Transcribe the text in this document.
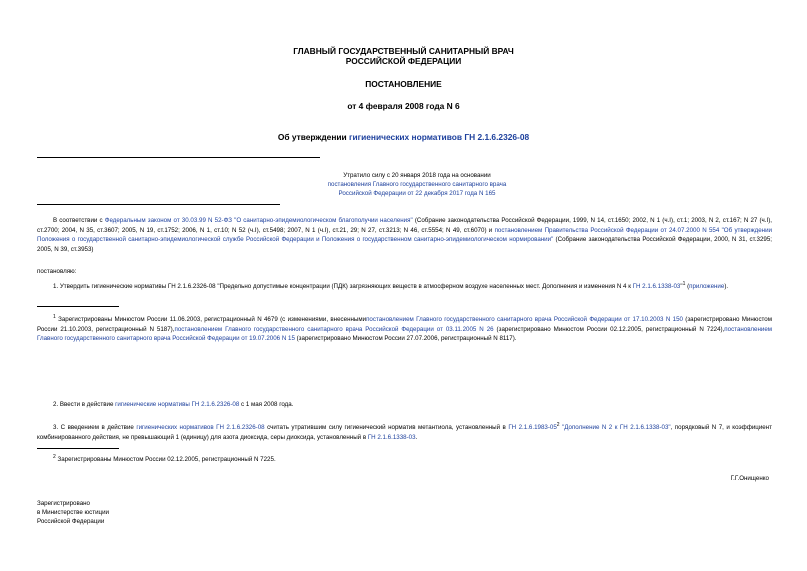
ГЛАВНЫЙ ГОСУДАРСТВЕННЫЙ САНИТАРНЫЙ ВРАЧ
РОССИЙСКОЙ ФЕДЕРАЦИИ
ПОСТАНОВЛЕНИЕ
от 4 февраля 2008 года N 6
Об утверждении гигиенических нормативов ГН 2.1.6.2326-08
Утратило силу с 20 января 2018 года на основании
постановления Главного государственного санитарного врача
Российской Федерации от 22 декабря 2017 года N 165
В соответствии с Федеральным законом от 30.03.99 N 52-ФЗ "О санитарно-эпидемиологическом благополучии населения" (Собрание законодательства Российской Федерации, 1999, N 14, ст.1650; 2002, N 1 (ч.I), ст.1; 2003, N 2, ст.167; N 27 (ч.I), ст.2700; 2004, N 35, ст.3607; 2005, N 19, ст.1752; 2006, N 1, ст.10; N 52 (ч.I), ст.5498; 2007, N 1 (ч.I), ст.21, 29; N 27, ст.3213; N 46, ст.5554; N 49, ст.6070) и постановлением Правительства Российской Федерации от 24.07.2000 N 554 "Об утверждении Положения о государственной санитарно-эпидемиологической службе Российской Федерации и Положения о государственном санитарно-эпидемиологическом нормировании" (Собрание законодательства Российской Федерации, 2000, N 31, ст.3295; 2005, N 39, ст.3953)
постановляю:
1. Утвердить гигиенические нормативы ГН 2.1.6.2326-08 "Предельно допустимые концентрации (ПДК) загрязняющих веществ в атмосферном воздухе населенных мест. Дополнения и изменения N 4 к ГН 2.1.6.1338-03"$^1$ (приложение).
$^1$ Зарегистрированы Минюстом России 11.06.2003, регистрационный N 4679 (с изменениями, внесеннымипостановлением Главного государственного санитарного врача Российской Федерации от 17.10.2003 N 150 (зарегистрировано Минюстом России 21.10.2003, регистрационный N 5187),постановлением Главного государственного санитарного врача Российской Федерации от 03.11.2005 N 26 (зарегистрировано Минюстом России 02.12.2005, регистрационный N 7224),постановлением Главного государственного санитарного врача Российской Федерации от 19.07.2006 N 15 (зарегистрировано Минюстом России 27.07.2006, регистрационный N 8117).
2. Ввести в действие гигиенические нормативы ГН 2.1.6.2326-08 с 1 мая 2008 года.
3. С введением в действие гигиенических нормативов ГН 2.1.6.2326-08 считать утратившим силу гигиенический норматив метантиола, установленный в ГН $2.1.6.1983-05^2$ "Дополнение N 2 к ГН 2.1.6.1338-03", порядковый N 7, и коэффициент комбинированного действия, не превышающий 1 (единицу) для азота диоксида, серы диоксида, установленный в ГН 2.1.6.1338-03.
$^2$ Зарегистрированы Минюстом России 02.12.2005, регистрационный N 7225.
Г.Г.Онищенко
Зарегистрировано
в Министерстве юстиции
Российской Федерации
